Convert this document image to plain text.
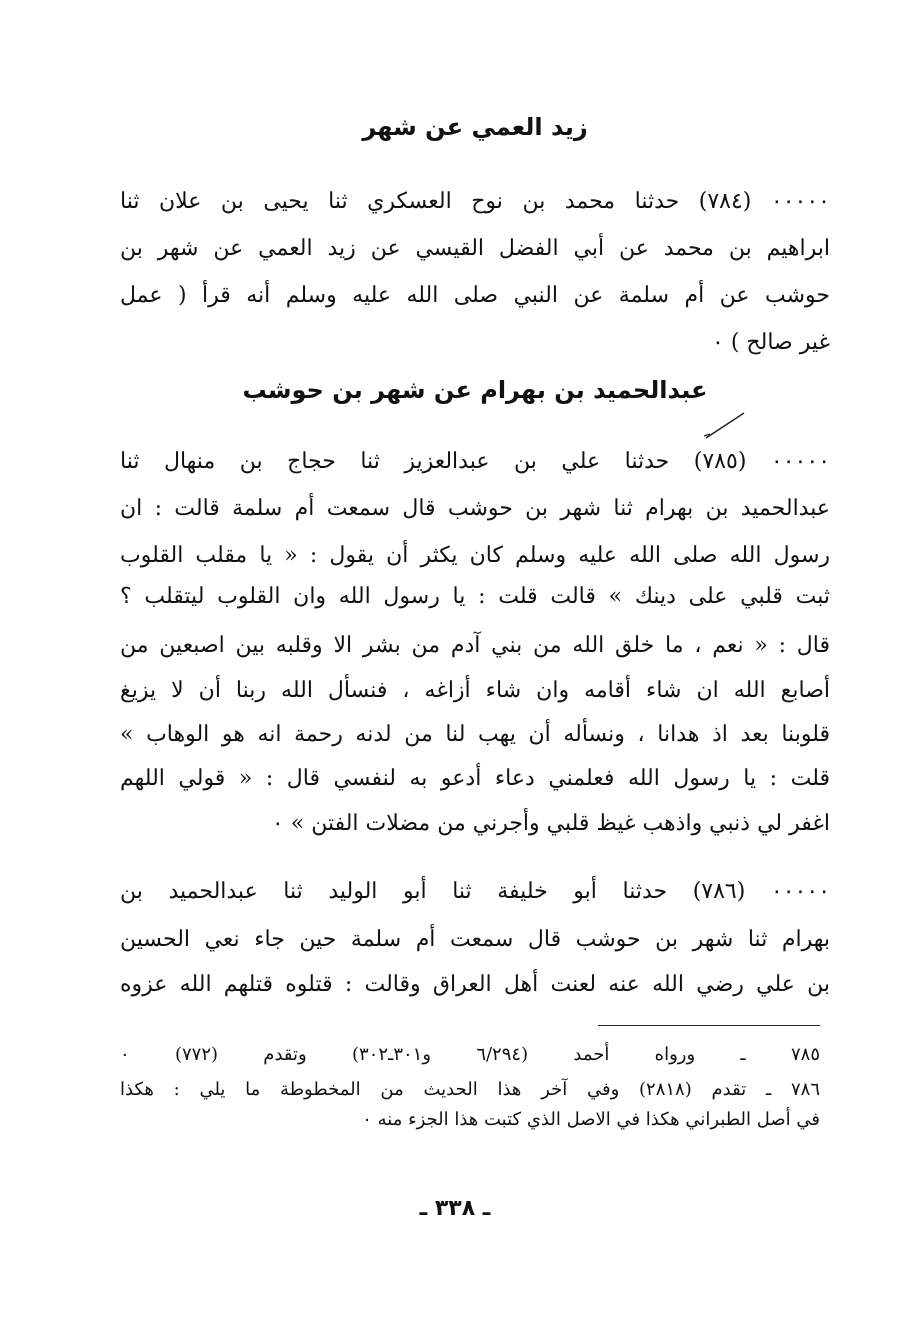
زيد العمي عن شهر
٠٠٠٠٠ (٧٨٤) حدثنا محمد بن نوح العسكري ثنا يحيى بن علان ثنا
ابراهيم بن محمد عن أبي الفضل القيسي عن زيد العمي عن شهر بن
حوشب عن أم سلمة عن النبي صلى الله عليه وسلم أنه قرأ ( عمل
غير صالح ) ٠
عبدالحميد بن بهرام عن شهر بن حوشب
٠٠٠٠٠ (٧٨٥) حدثنا علي بن عبدالعزيز ثنا حجاج بن منهال ثنا
عبدالحميد بن بهرام ثنا شهر بن حوشب قال سمعت أم سلمة قالت : ان
رسول الله صلى الله عليه وسلم كان يكثر أن يقول : « يا مقلب القلوب
ثبت قلبي على دينك » قالت قلت : يا رسول الله وان القلوب ليتقلب ؟
قال : « نعم ، ما خلق الله من بني آدم من بشر الا وقلبه بين اصبعين من
أصابع الله ان شاء أقامه وان شاء أزاغه ، فنسأل الله ربنا أن لا يزيغ
قلوبنا بعد اذ هدانا ، ونسأله أن يهب لنا من لدنه رحمة انه هو الوهاب »
قلت : يا رسول الله فعلمني دعاء أدعو به لنفسي قال : « قولي اللهم
اغفر لي ذنبي واذهب غيظ قلبي وأجرني من مضلات الفتن » ٠
٠٠٠٠٠ (٧٨٦) حدثنا أبو خليفة ثنا أبو الوليد ثنا عبدالحميد بن
بهرام ثنا شهر بن حوشب قال سمعت أم سلمة حين جاء نعي الحسين
بن علي رضي الله عنه لعنت أهل العراق وقالت : قتلوه قتلهم الله عزوه
٧٨٥ ـ ورواه أحمد (٦/٢٩٤ و٣٠١ـ٣٠٢) وتقدم (٧٧٢) ٠
٧٨٦ ـ تقدم (٢٨١٨) وفي آخر هذا الحديث من المخطوطة ما يلي : هكذا
في أصل الطبراني هكذا في الاصل الذي كتبت هذا الجزء منه ٠
ـ ٣٣٨ ـ
